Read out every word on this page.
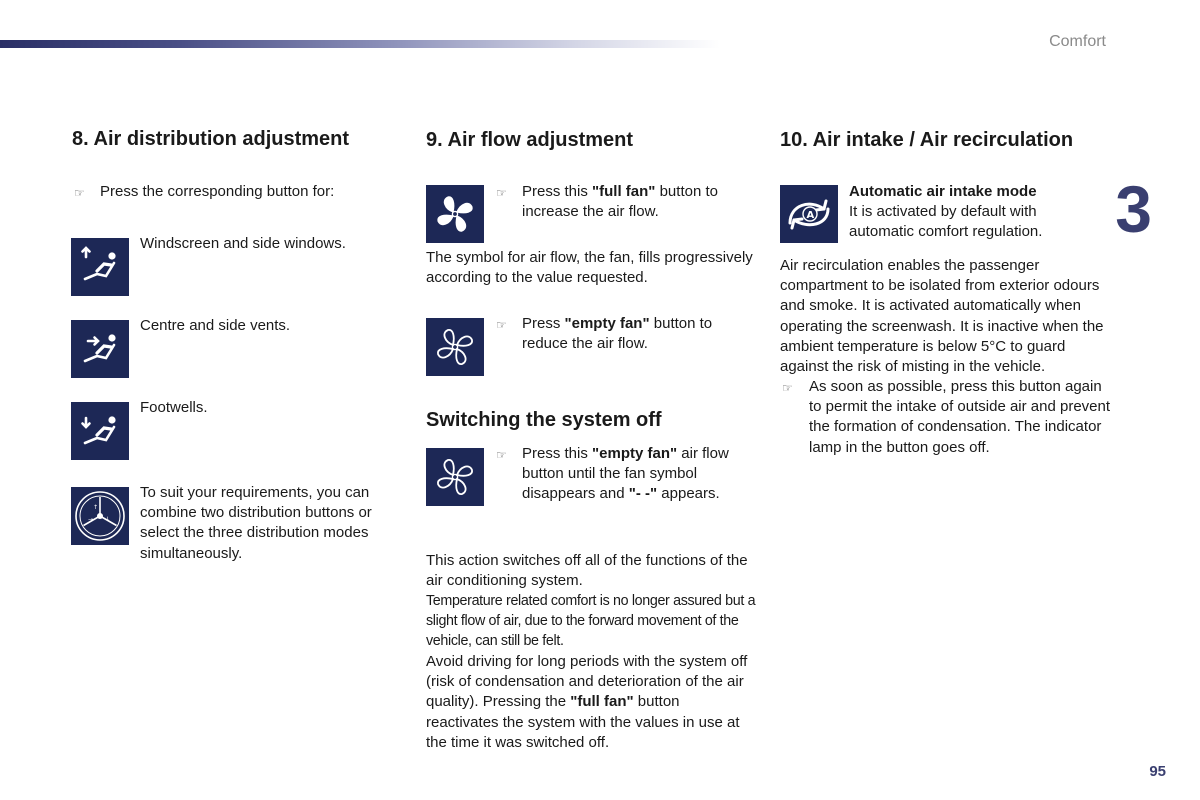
Comfort
3
95
8. Air distribution adjustment
☞ Press the corresponding button for:
Windscreen and side windows.
Centre and side vents.
Footwells.
↑
→ ↓
To suit your requirements, you can combine two distribution buttons or select the three distribution modes simultaneously.
9. Air flow adjustment
☞ Press this "full fan" button to increase the air flow.
The symbol for air flow, the fan, fills progressively according to the value requested.
☞ Press "empty fan" button to reduce the air flow.
Switching the system off
☞ Press this "empty fan" air flow button until the fan symbol disappears and "- -" appears.
This action switches off all of the functions of the air conditioning system.
Temperature related comfort is no longer assured but a slight flow of air, due to the forward movement of the vehicle, can still be felt.
Avoid driving for long periods with the system off (risk of condensation and deterioration of the air quality). Pressing the "full fan" button reactivates the system with the values in use at the time it was switched off.
10. Air intake / Air recirculation
A
Automatic air intake mode
It is activated by default with automatic comfort regulation.
Air recirculation enables the passenger compartment to be isolated from exterior odours and smoke. It is activated automatically when operating the screenwash. It is inactive when the ambient temperature is below 5°C to guard against the risk of misting in the vehicle.
☞ As soon as possible, press this button again to permit the intake of outside air and prevent the formation of condensation. The indicator lamp in the button goes off.
